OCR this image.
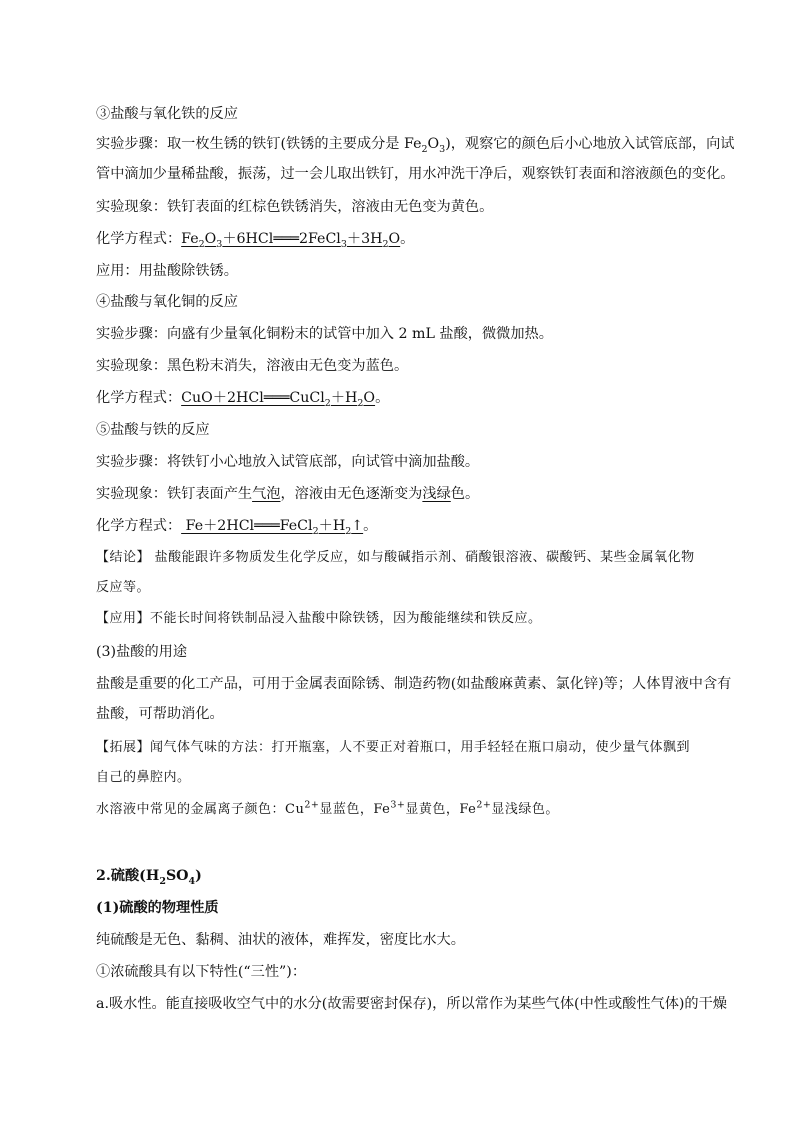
③盐酸与氧化铁的反应
实验步骤：取一枚生锈的铁钉(铁锈的主要成分是 $Fe_2O_3$)，观察它的颜色后小心地放入试管底部，向试
管中滴加少量稀盐酸，振荡，过一会儿取出铁钉，用水冲洗干净后，观察铁钉表面和溶液颜色的变化。
实验现象：铁钉表面的红棕色铁锈消失，溶液由无色变为黄色。
化学方程式：$Fe_2O_3+6HCl═══2FeCl_3+3H_2O$。
应用：用盐酸除铁锈。
④盐酸与氧化铜的反应
实验步骤：向盛有少量氧化铜粉末的试管中加入 2 mL 盐酸，微微加热。
实验现象：黑色粉末消失，溶液由无色变为蓝色。
化学方程式：$CuO+2HCl═══CuCl_2+H_2O$。
⑤盐酸与铁的反应
实验步骤：将铁钉小心地放入试管底部，向试管中滴加盐酸。
实验现象：铁钉表面产生气泡，溶液由无色逐渐变为浅绿色。
化学方程式： $Fe+2HCl═══FeCl_2+H_2↑$。
【结论】 盐酸能跟许多物质发生化学反应，如与酸碱指示剂、硝酸银溶液、碳酸钙、某些金属氧化物
反应等。
【应用】不能长时间将铁制品浸入盐酸中除铁锈，因为酸能继续和铁反应。
(3)盐酸的用途
盐酸是重要的化工产品，可用于金属表面除锈、制造药物(如盐酸麻黄素、氯化锌)等；人体胃液中含有
盐酸，可帮助消化。
【拓展】闻气体气味的方法：打开瓶塞，人不要正对着瓶口，用手轻轻在瓶口扇动，使少量气体飘到
自己的鼻腔内。
水溶液中常见的金属离子颜色：$Cu^{2+}$显蓝色，$Fe^{3+}$显黄色，$Fe^{2+}$显浅绿色。
2.硫酸$(H_2SO_4)$
(1)硫酸的物理性质
纯硫酸是无色、黏稠、油状的液体，难挥发，密度比水大。
①浓硫酸具有以下特性(“三性”)：
a.吸水性。能直接吸收空气中的水分(故需要密封保存)，所以常作为某些气体(中性或酸性气体)的干燥
